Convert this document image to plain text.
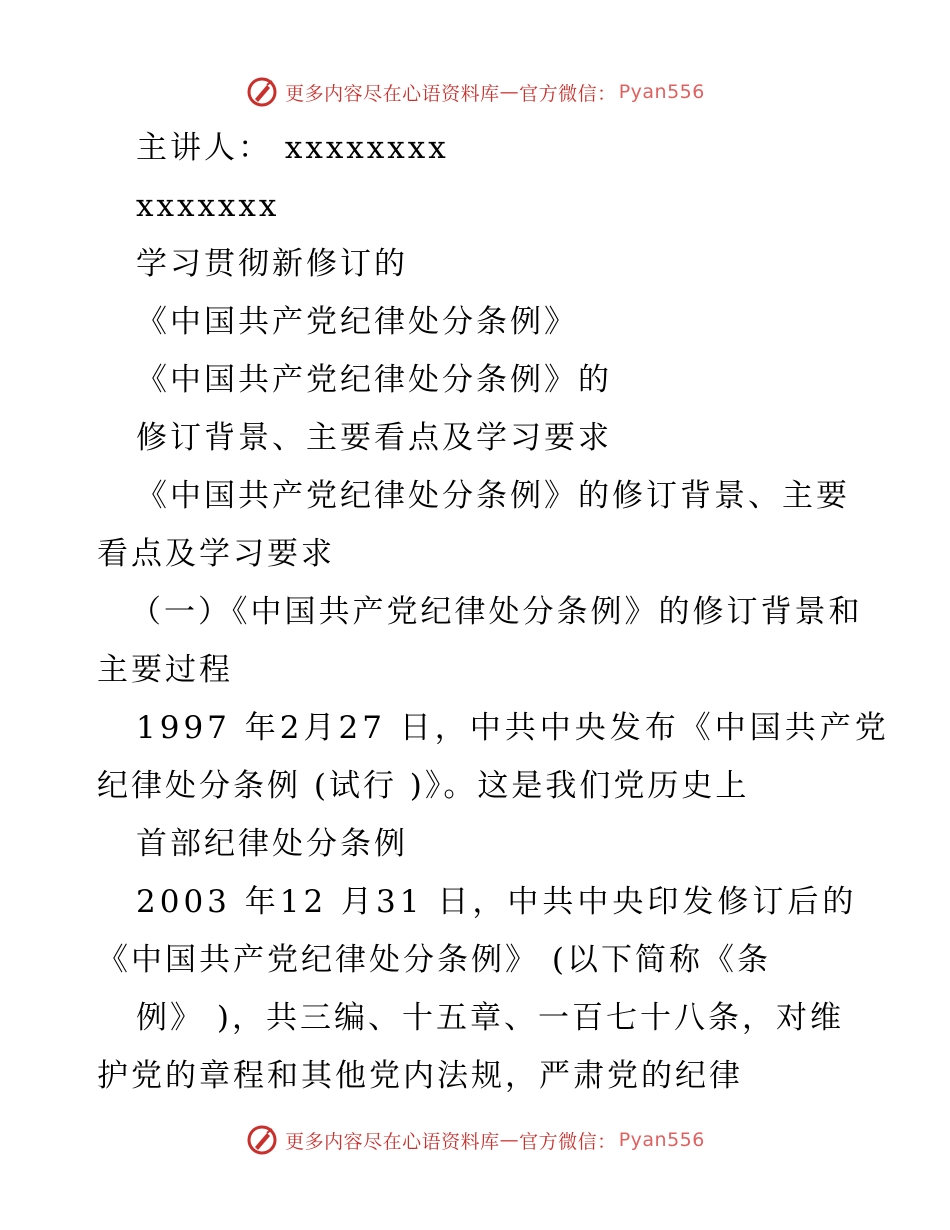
更多内容尽在心语资料库 — 官方微信： Pyan556
主讲人： xxxxxxxx
xxxxxxx
学习贯彻新修订的
《中国共产党纪律处分条例》
《中国共产党纪律处分条例》的
修订背景、主要看点及学习要求
《中国共产党纪律处分条例》的修订背景、主要
看点及学习要求
（一）《中国共产党纪律处分条例》的修订背景和
主要过程
1997 年2月27 日，中共中央发布《中国共产党
纪律处分条例 (试行 )》。这是我们党历史上
首部纪律处分条例
2003 年12 月31 日，中共中央印发修订后的
《中国共产党纪律处分条例》 (以下简称《条
例》 )，共三编、十五章、一百七十八条，对维
护党的章程和其他党内法规，严肃党的纪律
更多内容尽在心语资料库 — 官方微信： Pyan556
